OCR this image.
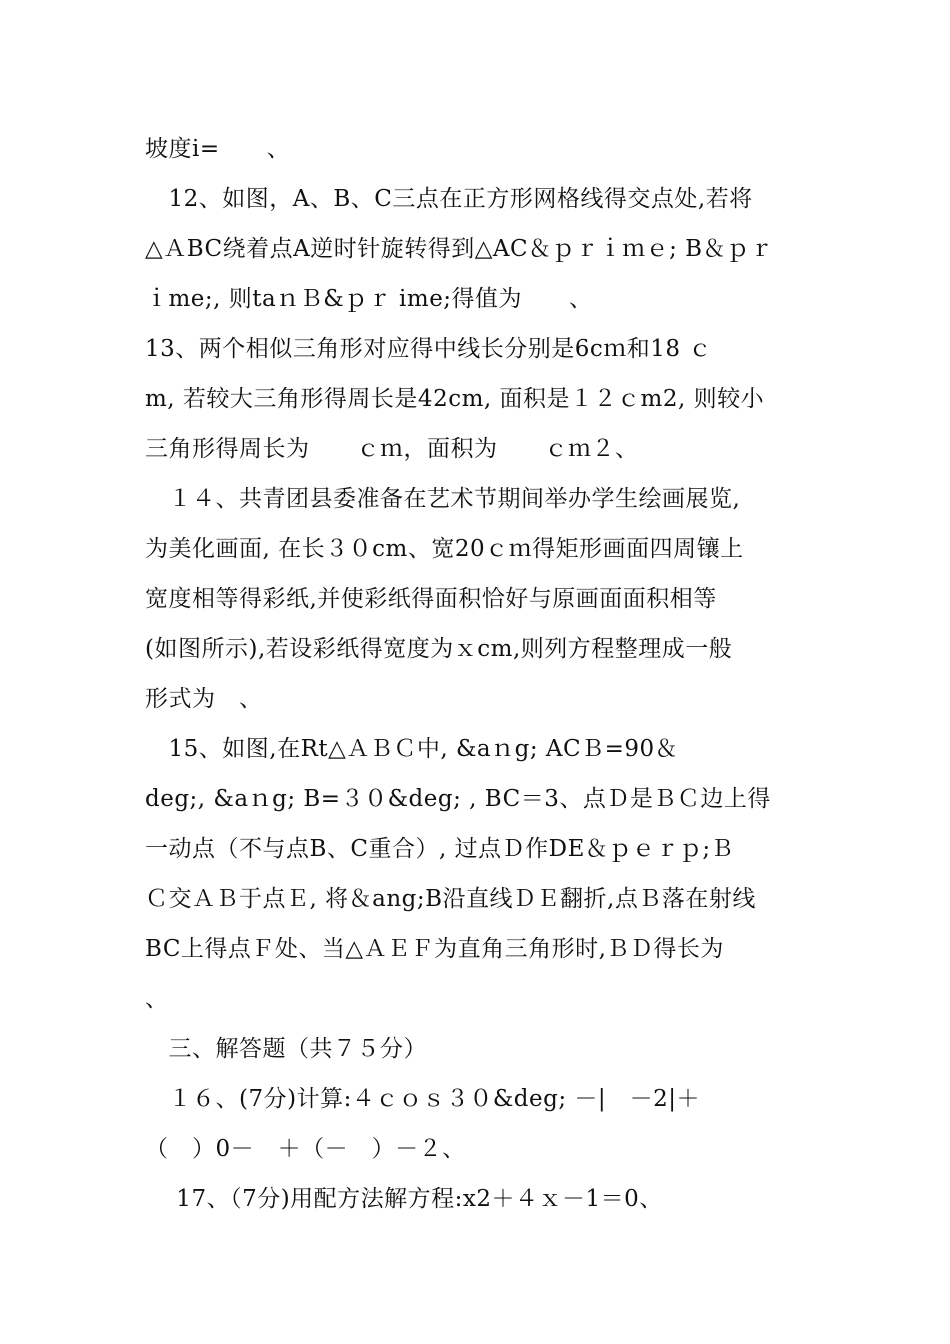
坡度i=　　、
　12、如图，A、B、C三点在正方形网格线得交点处,若将
△ＡBC绕着点A逆时针旋转得到△AC＆ｐｒｉｍｅ; B＆ｐｒ
ｉme;, 则taｎＢ&ｐｒ ime;得值为　　、
13、两个相似三角形对应得中线长分别是6cｍ和18 ｃ
m, 若较大三角形得周长是42cm, 面积是１２ｃm2, 则较小
三角形得周长为　　ｃｍ，面积为　　ｃｍ２、
　１４、共青团县委准备在艺术节期间举办学生绘画展览,
为美化画面, 在长３０cm、宽20ｃｍ得矩形画面四周镶上
宽度相等得彩纸,并使彩纸得面积恰好与原画面面积相等
(如图所示),若设彩纸得宽度为ｘcm,则列方程整理成一般
形式为　、
　15、如图,在Rt△ＡＢＣ中, &aｎg; ACＢ=90＆
deg;, &aｎg; B=３０&deg; , BC＝3、点Ｄ是ＢＣ边上得
一动点（不与点B、C重合）, 过点Ｄ作DE＆ｐｅｒｐ;Ｂ
Ｃ交ＡＢ于点Ｅ, 将＆ang;B沿直线ＤＥ翻折,点Ｂ落在射线
BC上得点Ｆ处、当△ＡＥＦ为直角三角形时,ＢＤ得长为
、
　三、解答题（共７５分）
　１６、(7分)计算:４ｃｏｓ３０&deg; －|　－2|＋
（　）0－　＋（－　）－２、
　 17、（7分)用配方法解方程:x2＋４ｘ－1＝0、
